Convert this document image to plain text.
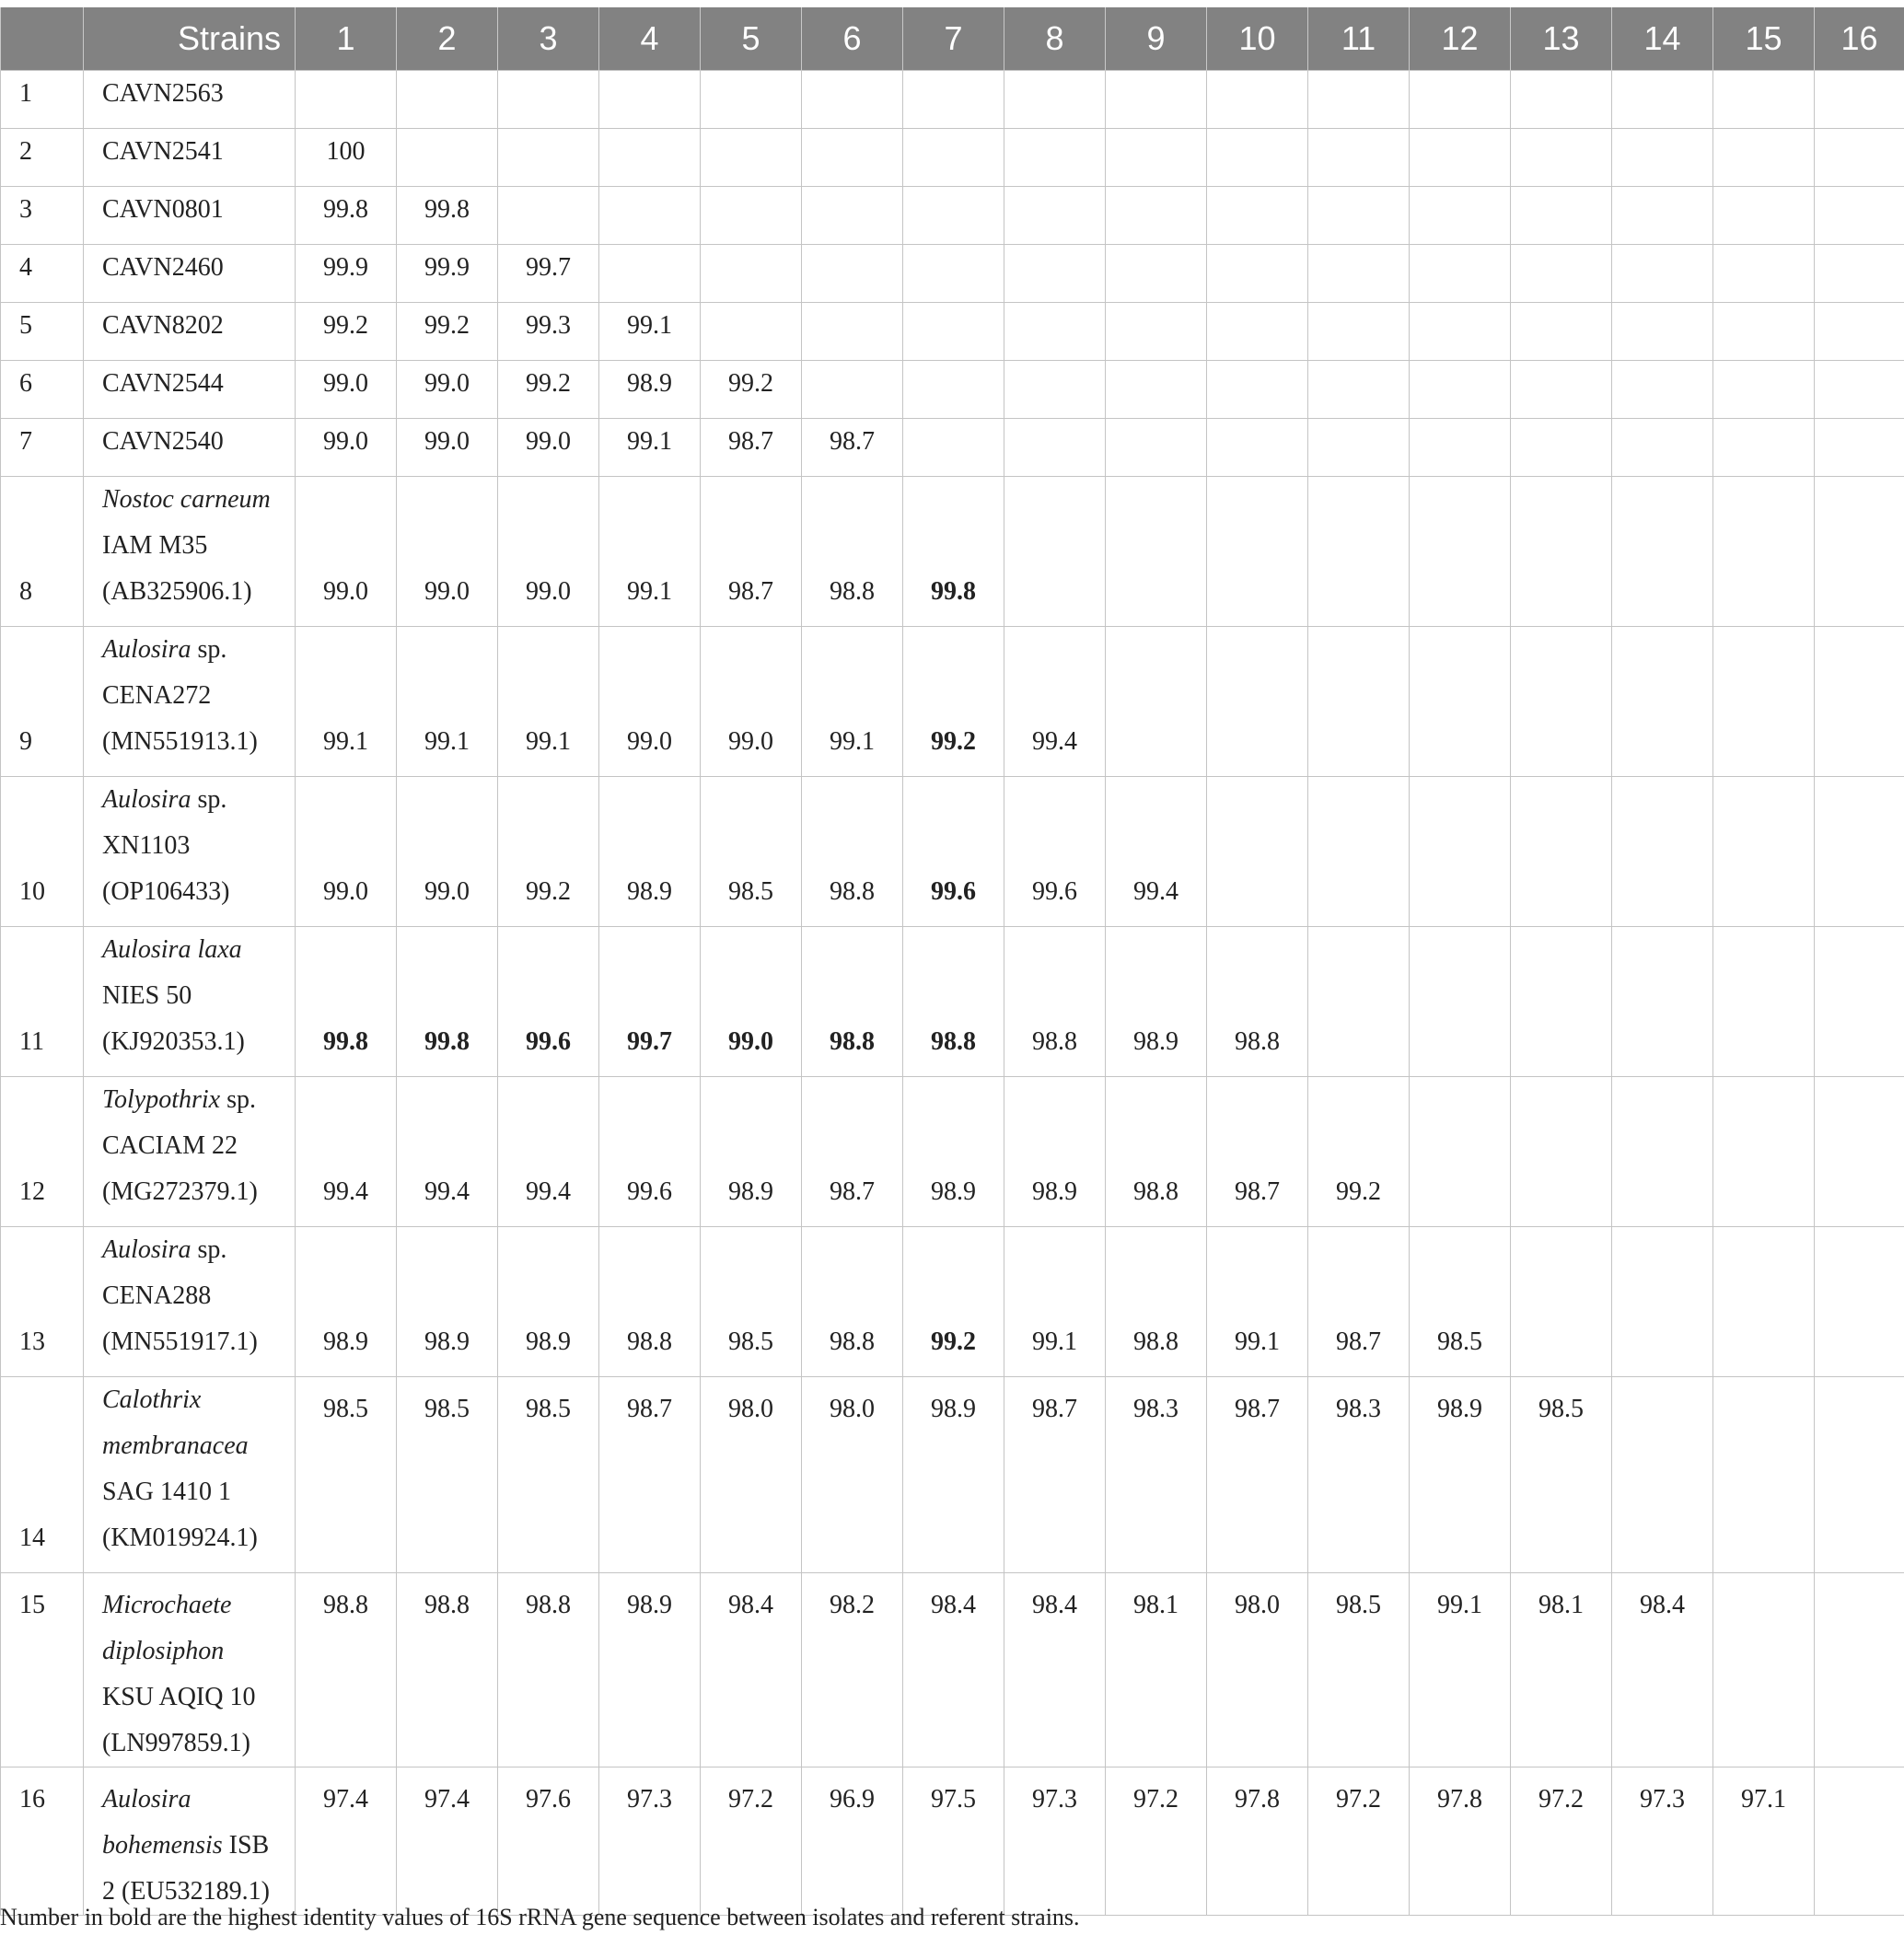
	Strains	1	2	3	4	5	6	7	8	9	10	11	12	13	14	15	16
1	CAVN2563																

2	CAVN2541	100															
3	CAVN0801	99.8	99.8														
4	CAVN2460	99.9	99.9	99.7													
5	CAVN8202	99.2	99.2	99.3	99.1												
6	CAVN2544	99.0	99.0	99.2	98.9	99.2											
7	CAVN2540	99.0	99.0	99.0	99.1	98.7	98.7										
8	Nostoc carneum
IAM M35
(AB325906.1)	99.0	99.0	99.0	99.1	98.7	98.8	99.8									
9	Aulosira sp.
CENA272
(MN551913.1)	99.1	99.1	99.1	99.0	99.0	99.1	99.2	99.4								
10	Aulosira sp.
XN1103
(OP106433)	99.0	99.0	99.2	98.9	98.5	98.8	99.6	99.6	99.4							
11	Aulosira laxa
NIES 50
(KJ920353.1)	99.8	99.8	99.6	99.7	99.0	98.8	98.8	98.8	98.9	98.8						
12	Tolypothrix sp.
CACIAM 22
(MG272379.1)	99.4	99.4	99.4	99.6	98.9	98.7	98.9	98.9	98.8	98.7	99.2					
13	Aulosira sp.
CENA288
(MN551917.1)	98.9	98.9	98.9	98.8	98.5	98.8	99.2	99.1	98.8	99.1	98.7	98.5				
14	Calothrix
membranacea
SAG 1410 1
(KM019924.1)	98.5	98.5	98.5	98.7	98.0	98.0	98.9	98.7	98.3	98.7	98.3	98.9	98.5			
15	Microchaete
diplosiphon
KSU AQIQ 10
(LN997859.1)	98.8	98.8	98.8	98.9	98.4	98.2	98.4	98.4	98.1	98.0	98.5	99.1	98.1	98.4		
16	Aulosira
bohemensis ISB
2 (EU532189.1)	97.4	97.4	97.6	97.3	97.2	96.9	97.5	97.3	97.2	97.8	97.2	97.8	97.2	97.3	97.1	
Number in bold are the highest identity values of 16S rRNA gene sequence between isolates and referent strains.
